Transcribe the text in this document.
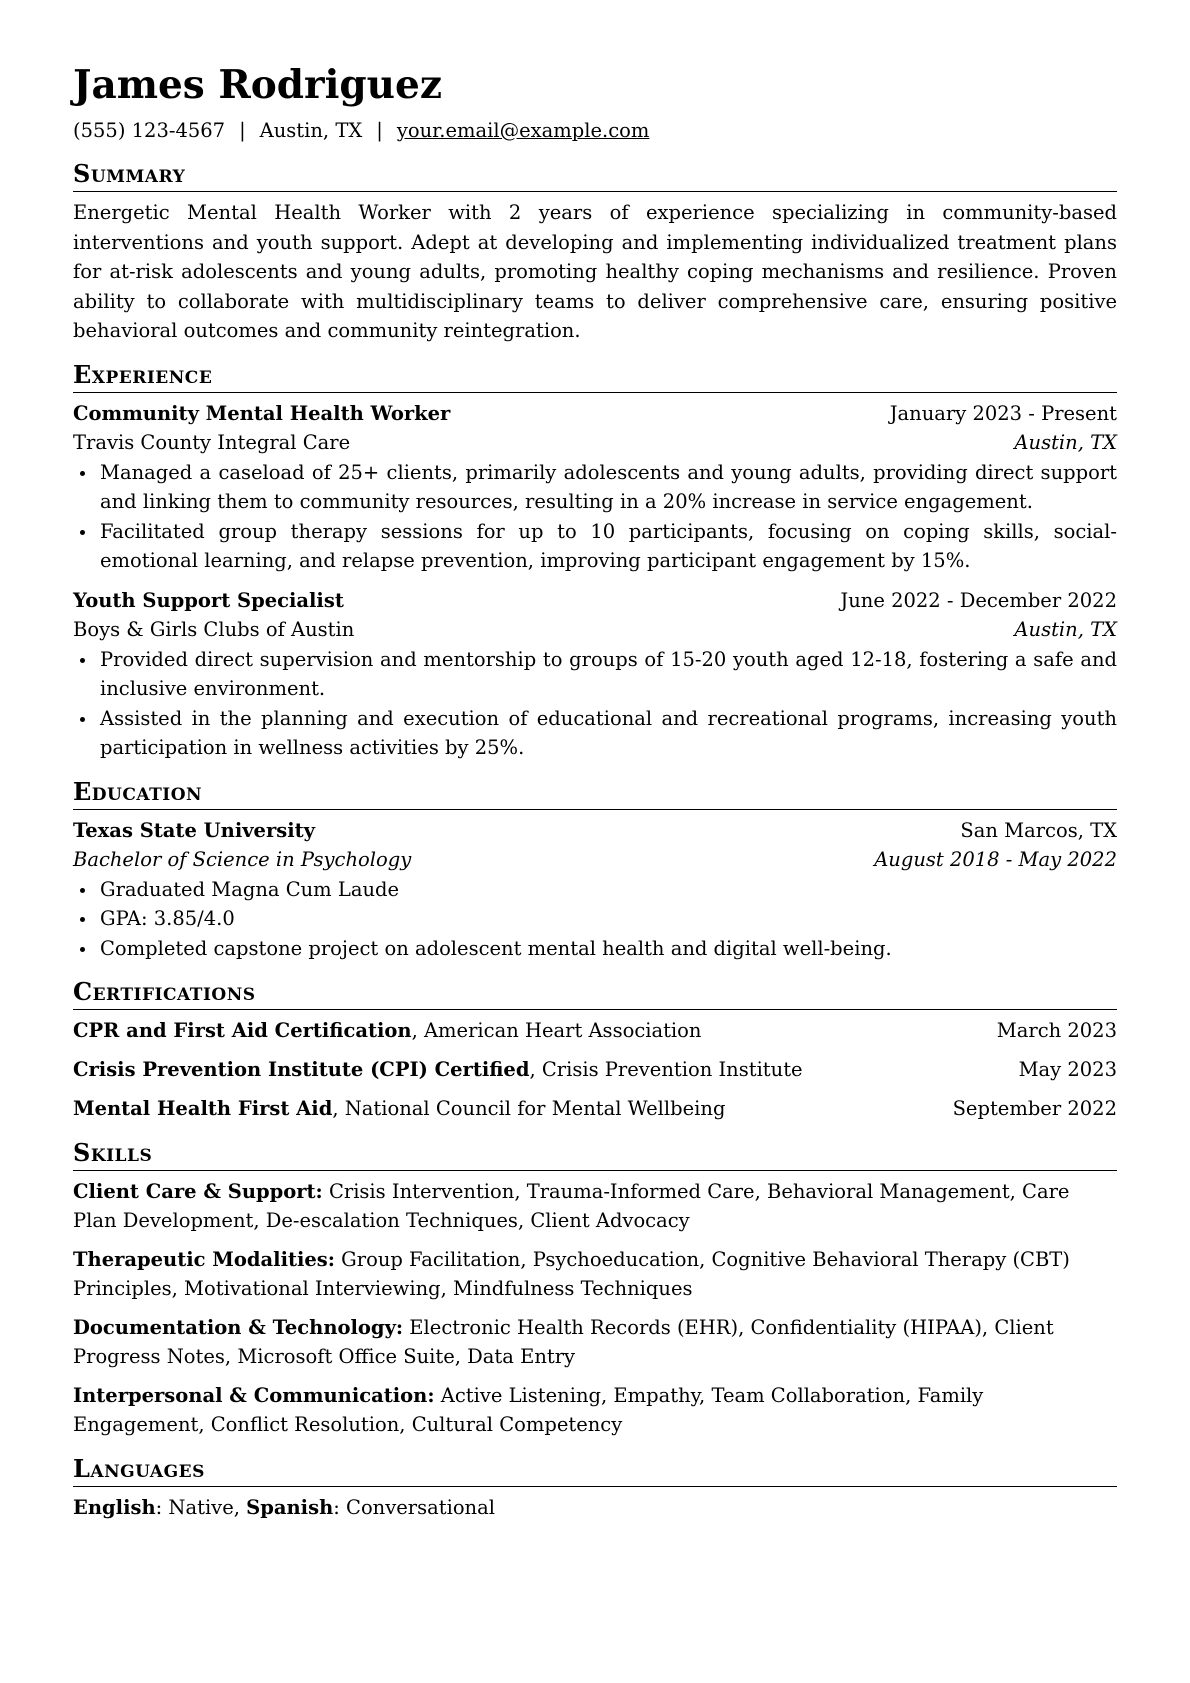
James Rodriguez
(555) 123-4567 | Austin, TX | your.email@example.com
Summary
Energetic Mental Health Worker with 2 years of experience specializing in community-based interventions and youth support. Adept at developing and implementing individualized treatment plans for at-risk adolescents and young adults, promoting healthy coping mechanisms and resilience. Proven ability to collaborate with multidisciplinary teams to deliver comprehensive care, ensuring positive behavioral outcomes and community reintegration.
Experience
Community Mental Health Worker	January 2023 - Present
Travis County Integral Care	Austin, TX
Managed a caseload of 25+ clients, primarily adolescents and young adults, providing direct support and linking them to community resources, resulting in a 20% increase in service engagement.
Facilitated group therapy sessions for up to 10 participants, focusing on coping skills, social-emotional learning, and relapse prevention, improving participant engagement by 15%.
Youth Support Specialist	June 2022 - December 2022
Boys & Girls Clubs of Austin	Austin, TX
Provided direct supervision and mentorship to groups of 15-20 youth aged 12-18, fostering a safe and inclusive environment.
Assisted in the planning and execution of educational and recreational programs, increasing youth participation in wellness activities by 25%.
Education
Texas State University	San Marcos, TX
Bachelor of Science in Psychology	August 2018 - May 2022
Graduated Magna Cum Laude
GPA: 3.85/4.0
Completed capstone project on adolescent mental health and digital well-being.
Certifications
CPR and First Aid Certification, American Heart Association	March 2023
Crisis Prevention Institute (CPI) Certified, Crisis Prevention Institute	May 2023
Mental Health First Aid, National Council for Mental Wellbeing	September 2022
Skills
Client Care & Support: Crisis Intervention, Trauma-Informed Care, Behavioral Management, Care Plan Development, De-escalation Techniques, Client Advocacy
Therapeutic Modalities: Group Facilitation, Psychoeducation, Cognitive Behavioral Therapy (CBT) Principles, Motivational Interviewing, Mindfulness Techniques
Documentation & Technology: Electronic Health Records (EHR), Confidentiality (HIPAA), Client Progress Notes, Microsoft Office Suite, Data Entry
Interpersonal & Communication: Active Listening, Empathy, Team Collaboration, Family Engagement, Conflict Resolution, Cultural Competency
Languages
English: Native, Spanish: Conversational
